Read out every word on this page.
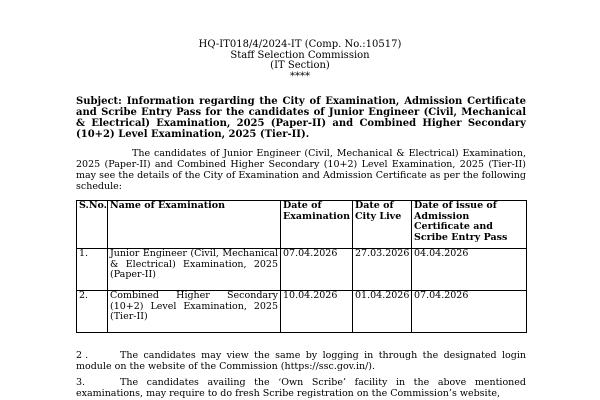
HQ-IT018/4/2024-IT (Comp. No.:10517)
Staff Selection Commission
(IT Section)
****
Subject: Information regarding the City of Examination, Admission Certificate and Scribe Entry Pass for the candidates of Junior Engineer (Civil, Mechanical & Electrical) Examination, 2025 (Paper-II) and Combined Higher Secondary (10+2) Level Examination, 2025 (Tier-II).
The candidates of Junior Engineer (Civil, Mechanical & Electrical) Examination, 2025 (Paper-II) and Combined Higher Secondary (10+2) Level Examination, 2025 (Tier-II) may see the details of the City of Examination and Admission Certificate as per the following schedule:
S.No.	Name of Examination	Date of Examination	Date of City Live	Date of issue of Admission Certificate and Scribe Entry Pass
1.	Junior Engineer (Civil, Mechanical & Electrical) Examination, 2025 (Paper-II)	07.04.2026	27.03.2026	04.04.2026
2.	Combined Higher Secondary (10+2) Level Examination, 2025 (Tier-II)	10.04.2026	01.04.2026	07.04.2026
2 .	The candidates may view the same by logging in through the designated login module on the website of the Commission (https://ssc.gov.in/).
3.	The candidates availing the ‘Own Scribe’ facility in the above mentioned examinations, may require to do fresh Scribe registration on the Commission’s website,
